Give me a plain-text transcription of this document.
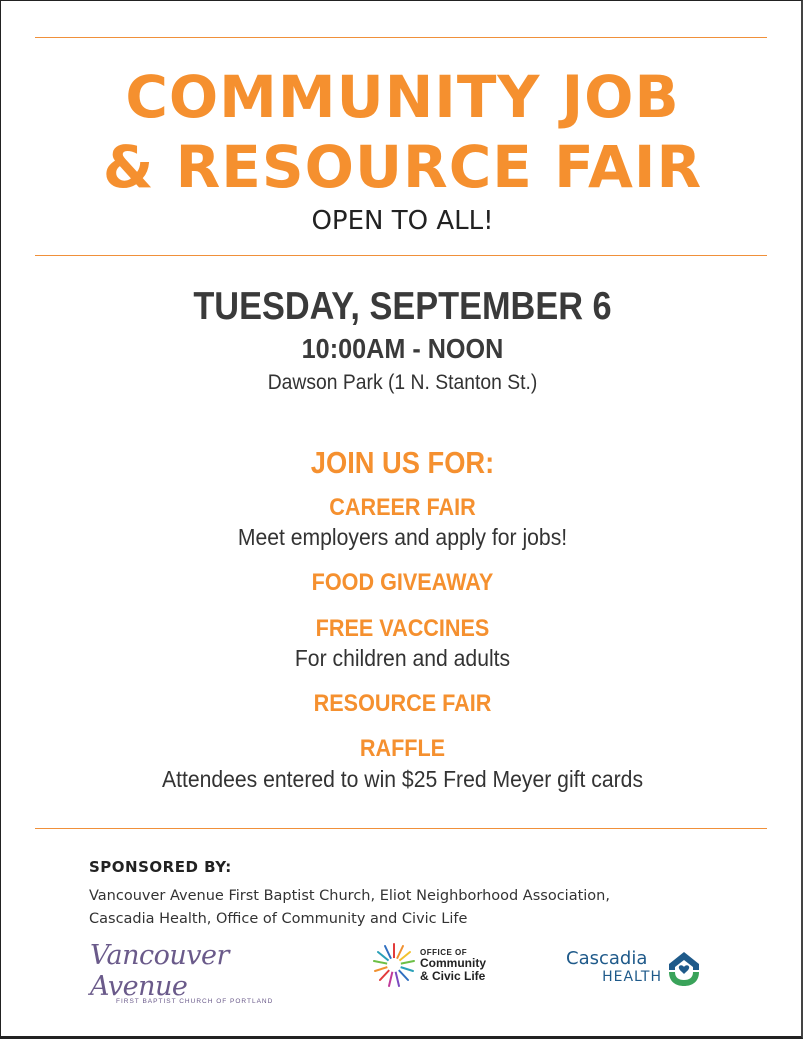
COMMUNITY JOB
& RESOURCE FAIR
OPEN TO ALL!
TUESDAY, SEPTEMBER 6
10:00AM - NOON
Dawson Park (1 N. Stanton St.)
JOIN US FOR:
CAREER FAIR
Meet employers and apply for jobs!
FOOD GIVEAWAY
FREE VACCINES
For children and adults
RESOURCE FAIR
RAFFLE
Attendees entered to win $25 Fred Meyer gift cards
SPONSORED BY:
Vancouver Avenue First Baptist Church, Eliot Neighborhood Association,
Cascadia Health, Office of Community and Civic Life
Vancouver Avenue
FIRST BAPTIST CHURCH OF PORTLAND
OFFICE OF
Community
& Civic Life
Cascadia
HEALTH
